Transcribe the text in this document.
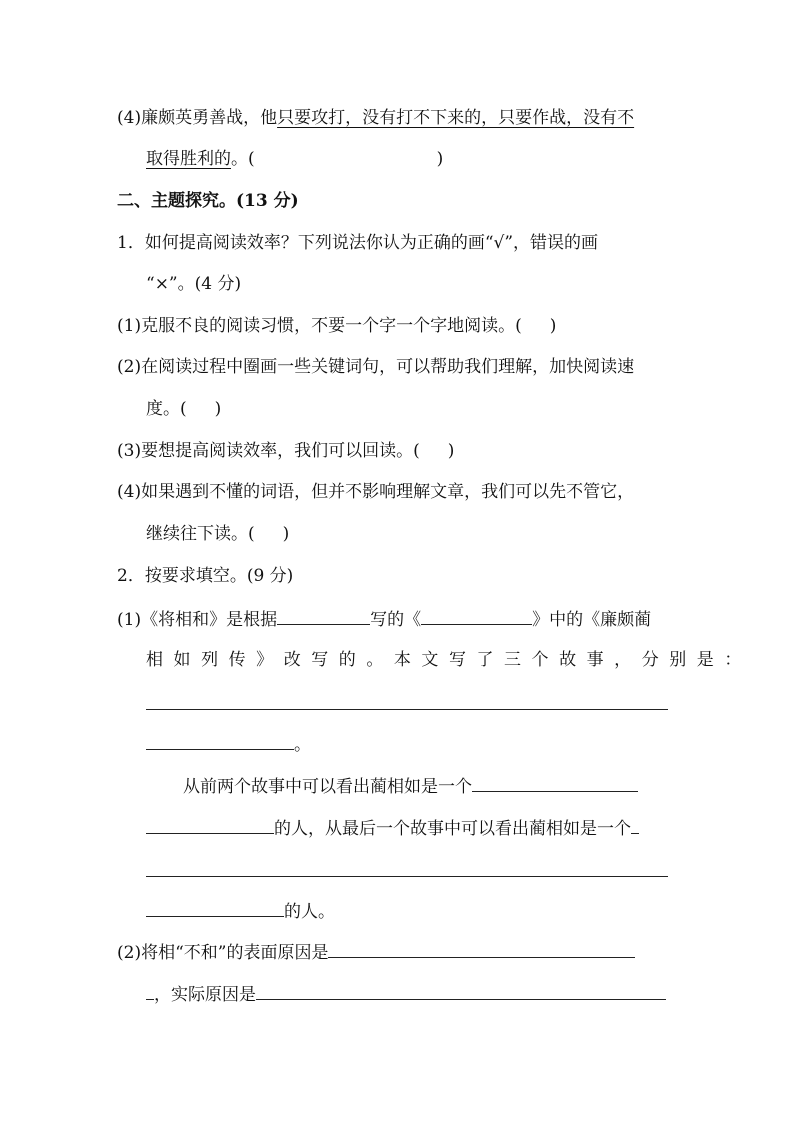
(4)廉颇英勇善战，他只要攻打，没有打不下来的，只要作战，没有不
取得胜利的。(	)
二、主题探究。(13 分)
1．如何提高阅读效率？下列说法你认为正确的画“√”，错误的画
“×”。(4 分)
(1)克服不良的阅读习惯，不要一个字一个字地阅读。( )
(2)在阅读过程中圈画一些关键词句，可以帮助我们理解，加快阅读速
度。( )
(3)要想提高阅读效率，我们可以回读。( )
(4)如果遇到不懂的词语，但并不影响理解文章，我们可以先不管它，
继续往下读。( )
2．按要求填空。(9 分)
(1)《将相和》是根据	写的《	》中的《廉颇蔺
相如列传》改写的。本文写了三个故事，分别是：
。
从前两个故事中可以看出蔺相如是一个
的人，从最后一个故事中可以看出蔺相如是一个
的人。
(2)将相“不和”的表面原因是
，实际原因是
